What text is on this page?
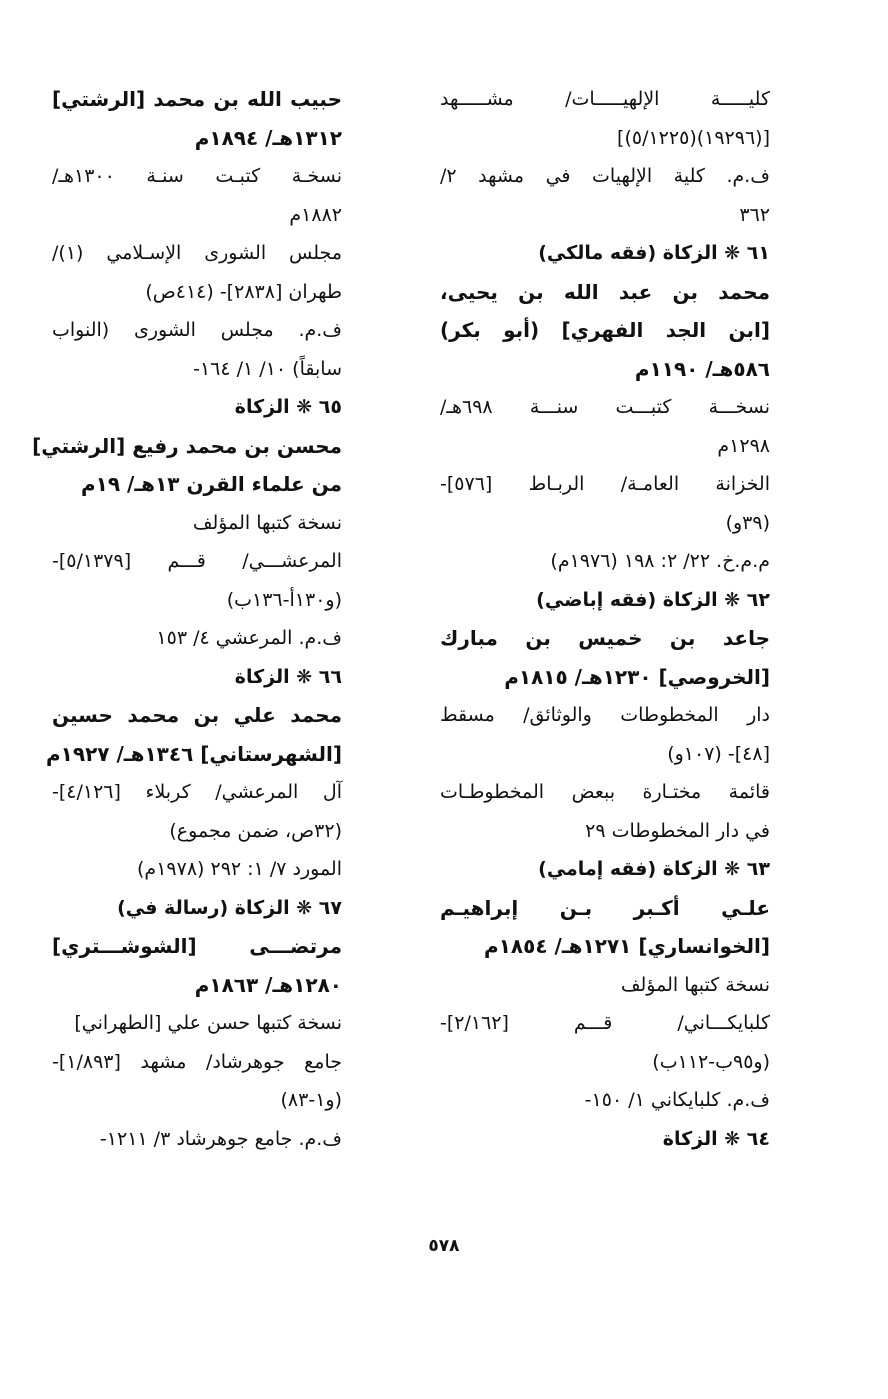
كليـــــة الإلهيـــــات/ مشـــــهد
[(١٩٢٩٦)(٥/١٢٢٥)]
ف.م. كلية الإلهيات في مشهد ٢/
٣٦٢
٦١ ❋ الزكاة (فقه مالكي)
محمد بن عبد الله بن يحيى،
[ابن الجد الفهري] (أبو بكر)
٥٨٦هـ/ ١١٩٠م
نسخـــة كتبـــت سنـــة ٦٩٨هـ/
١٢٩٨م
الخزانة العامـة/ الربـاط [٥٧٦]-
(٣٩و)
م.م.خ. ٢٢/ ٢: ١٩٨ (١٩٧٦م)
٦٢ ❋ الزكاة (فقه إباضي)
جاعد بن خميس بن مبارك
[الخروصي] ١٢٣٠هـ/ ١٨١٥م
دار المخطوطات والوثائق/ مسقط
[٤٨]- (١٠٧و)
قائمة مختـارة ببعض المخطوطـات
في دار المخطوطات ٢٩
٦٣ ❋ الزكاة (فقه إمامي)
علـي أكـبر بـن إبراهيـم
[الخوانساري] ١٢٧١هـ/ ١٨٥٤م
نسخة كتبها المؤلف
كلبايكـــاني/ قـــم [٢/١٦٢]-
(و٩٥ب-١١٢ب)
ف.م. كلبايكاني ١/ ١٥٠-
٦٤ ❋ الزكاة
حبيب الله بن محمد [الرشتي]
١٣١٢هـ/ ١٨٩٤م
نسخـة كتبـت سنـة ١٣٠٠هـ/
١٨٨٢م
مجلس الشورى الإسـلامي (١)/
طهران [٢٨٣٨]- (٤١٤ص)
ف.م. مجلس الشورى (النواب
سابقاً) ١٠/ ١/ ١٦٤-
٦٥ ❋ الزكاة
محسن بن محمد رفيع [الرشتي]
من علماء القرن ١٣هـ/ ١٩م
نسخة كتبها المؤلف
المرعشـــي/ قـــم [٥/١٣٧٩]-
(و١٣٠أ-١٣٦ب)
ف.م. المرعشي ٤/ ١٥٣
٦٦ ❋ الزكاة
محمد علي بن محمد حسين
[الشهرستاني] ١٣٤٦هـ/ ١٩٢٧م
آل المرعشي/ كربلاء [٤/١٢٦]-
(٣٢ص، ضمن مجموع)
المورد ٧/ ١: ٢٩٢ (١٩٧٨م)
٦٧ ❋ الزكاة (رسالة في)
مرتضـــى [الشوشـــتري]
١٢٨٠هـ/ ١٨٦٣م
نسخة كتبها حسن علي [الطهراني]
جامع جوهرشاد/ مشهد [١/٨٩٣]-
(و١-٨٣)
ف.م. جامع جوهرشاد ٣/ ١٢١١-
٥٧٨
